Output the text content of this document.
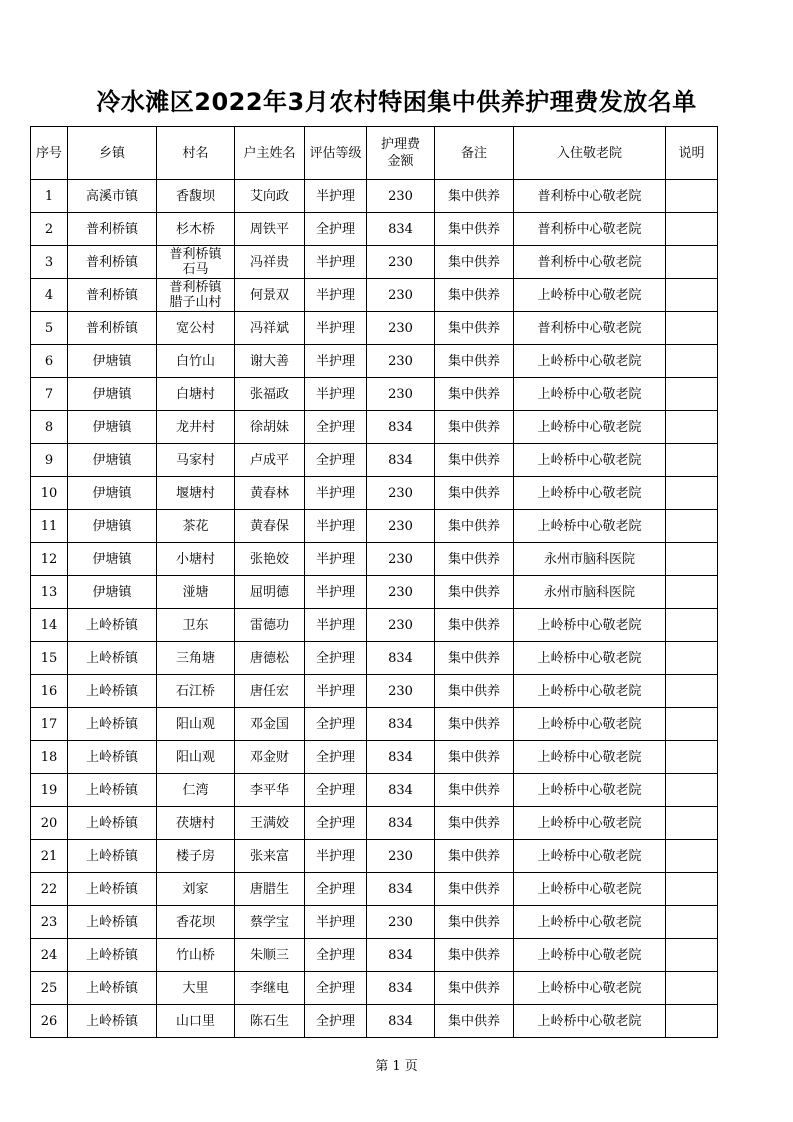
冷水滩区2022年3月农村特困集中供养护理费发放名单
序号	乡镇	村名	户主姓名	评估等级	护理费
金额	备注	入住敬老院	说明
1	高溪市镇	香馥坝	艾向政	半护理	230	集中供养	普利桥中心敬老院	
2	普利桥镇	杉木桥	周铁平	全护理	834	集中供养	普利桥中心敬老院	
3	普利桥镇	普利桥镇
石马	冯祥贵	半护理	230	集中供养	普利桥中心敬老院	
4	普利桥镇	普利桥镇
腊子山村	何景双	半护理	230	集中供养	上岭桥中心敬老院	
5	普利桥镇	宽公村	冯祥斌	半护理	230	集中供养	普利桥中心敬老院	
6	伊塘镇	白竹山	谢大善	半护理	230	集中供养	上岭桥中心敬老院	
7	伊塘镇	白塘村	张福政	半护理	230	集中供养	上岭桥中心敬老院	
8	伊塘镇	龙井村	徐胡妹	全护理	834	集中供养	上岭桥中心敬老院	
9	伊塘镇	马家村	卢成平	全护理	834	集中供养	上岭桥中心敬老院	
10	伊塘镇	堰塘村	黄春林	半护理	230	集中供养	上岭桥中心敬老院	
11	伊塘镇	茶花	黄春保	半护理	230	集中供养	上岭桥中心敬老院	
12	伊塘镇	小塘村	张艳姣	半护理	230	集中供养	永州市脑科医院	
13	伊塘镇	湴塘	屈明德	半护理	230	集中供养	永州市脑科医院	
14	上岭桥镇	卫东	雷德功	半护理	230	集中供养	上岭桥中心敬老院	
15	上岭桥镇	三角塘	唐德松	全护理	834	集中供养	上岭桥中心敬老院	
16	上岭桥镇	石江桥	唐任宏	半护理	230	集中供养	上岭桥中心敬老院	
17	上岭桥镇	阳山观	邓金国	全护理	834	集中供养	上岭桥中心敬老院	
18	上岭桥镇	阳山观	邓金财	全护理	834	集中供养	上岭桥中心敬老院	
19	上岭桥镇	仁湾	李平华	全护理	834	集中供养	上岭桥中心敬老院	
20	上岭桥镇	茯塘村	王满姣	全护理	834	集中供养	上岭桥中心敬老院	
21	上岭桥镇	楼子房	张来富	半护理	230	集中供养	上岭桥中心敬老院	
22	上岭桥镇	刘家	唐腊生	全护理	834	集中供养	上岭桥中心敬老院	
23	上岭桥镇	香花坝	蔡学宝	半护理	230	集中供养	上岭桥中心敬老院	
24	上岭桥镇	竹山桥	朱顺三	全护理	834	集中供养	上岭桥中心敬老院	
25	上岭桥镇	大里	李继电	全护理	834	集中供养	上岭桥中心敬老院	
26	上岭桥镇	山口里	陈石生	全护理	834	集中供养	上岭桥中心敬老院	
第 1 页
